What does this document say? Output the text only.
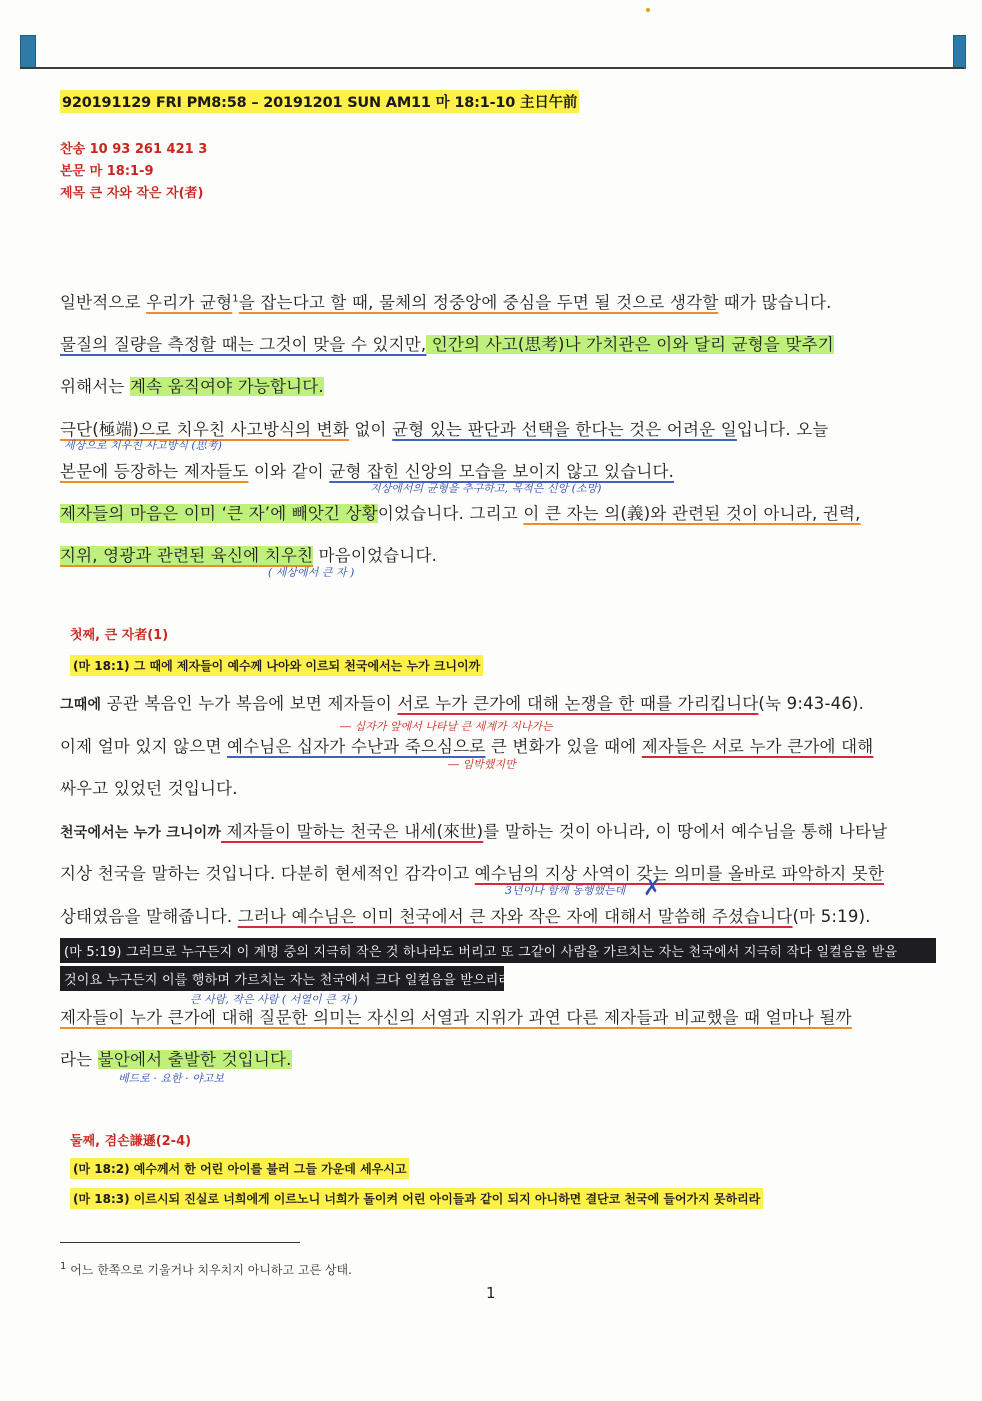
920191129 FRI PM8:58 – 20191201 SUN AM11 마 18:1-10 主日午前
찬송 10 93 261 421 3
본문 마 18:1-9
제목 큰 자와 작은 자(者)
일반적으로 우리가 균형$^1$을 잡는다고 할 때, 물체의 정중앙에 중심을 두면 될 것으로 생각할 때가 많습니다.
물질의 질량을 측정할 때는 그것이 맞을 수 있지만, 인간의 사고(思考)나 가치관은 이와 달리 균형을 맞추기
위해서는 계속 움직여야 가능합니다.
극단(極端)으로 치우친 사고방식의 변화 없이 균형 있는 판단과 선택을 한다는 것은 어려운 일입니다. 오늘
세상으로 치우친 사고방식 (思考)
본문에 등장하는 제자들도 이와 같이 균형 잡힌 신앙의 모습을 보이지 않고 있습니다.
지상에서의 균형을 추구하고, 목적은 신앙 (소망)
제자들의 마음은 이미 ‘큰 자’에 빼앗긴 상황이었습니다. 그리고 이 큰 자는 의(義)와 관련된 것이 아니라, 권력,
지위, 영광과 관련된 육신에 치우친 마음이었습니다.
( 세상에서 큰 자 )
첫째, 큰 자者(1)
(마 18:1) 그 때에 제자들이 예수께 나아와 이르되 천국에서는 누가 크니이까
그때에 공관 복음인 누가 복음에 보면 제자들이 서로 누가 큰가에 대해 논쟁을 한 때를 가리킵니다(눅 9:43-46).
이제 얼마 있지 않으면 예수님은 십자가 수난과 죽으심으로 큰 변화가 있을 때에 제자들은 서로 누가 큰가에 대해
― 십자가 앞에서 나타날 큰 세계가 지나가는
― 임박했지만
싸우고 있었던 것입니다.
천국에서는 누가 크니이까 제자들이 말하는 천국은 내세(來世)를 말하는 것이 아니라, 이 땅에서 예수님을 통해 나타날
지상 천국을 말하는 것입니다. 다분히 현세적인 감각이고 예수님의 지상 사역이 갖는 의미를 올바로 파악하지 못한
3년이나 함께 동행했는데 ✗
상태였음을 말해줍니다. 그러나 예수님은 이미 천국에서 큰 자와 작은 자에 대해서 말씀해 주셨습니다(마 5:19).
(마 5:19) 그러므로 누구든지 이 계명 중의 지극히 작은 것 하나라도 버리고 또 그같이 사람을 가르치는 자는 천국에서 지극히 작다 일컬음을 받을
것이요 누구든지 이를 행하며 가르치는 자는 천국에서 크다 일컬음을 받으리라
큰 사람, 작은 사람 ( 서열이 큰 자 )
제자들이 누가 큰가에 대해 질문한 의미는 자신의 서열과 지위가 과연 다른 제자들과 비교했을 때 얼마나 될까
라는 불안에서 출발한 것입니다.
베드로 · 요한 · 야고보
둘째, 겸손謙遜(2-4)
(마 18:2) 예수께서 한 어린 아이를 불러 그들 가운데 세우시고
(마 18:3) 이르시되 진실로 너희에게 이르노니 너희가 돌이켜 어린 아이들과 같이 되지 아니하면 결단코 천국에 들어가지 못하리라
$^1$ 어느 한쪽으로 기울거나 치우치지 아니하고 고른 상태.
1
